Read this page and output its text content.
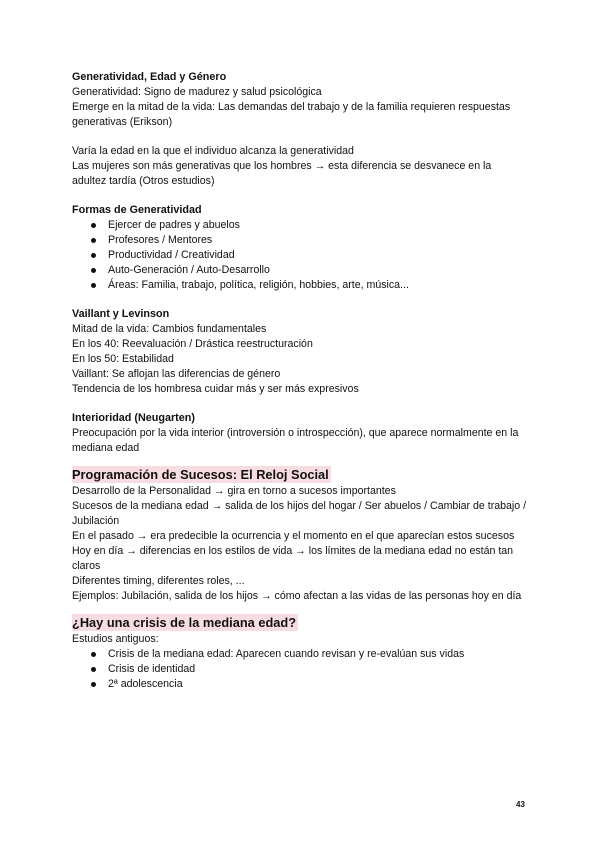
Generatividad, Edad y Género

Generatividad: Signo de madurez y salud psicológica

Emerge en la mitad de la vida: Las demandas del trabajo y de la familia requieren respuestas generativas (Erikson)

Varía la edad en la que el individuo alcanza la generatividad

Las mujeres son más generativas que los hombres → esta diferencia se desvanece en la adultez tardía (Otros estudios)

Formas de Generatividad

Ejercer de padres y abuelos
Profesores / Mentores
Productividad / Creatividad
Auto-Generación / Auto-Desarrollo
Áreas: Familia, trabajo, política, religión, hobbies, arte, música...

Vaillant y Levinson

Mitad de la vida: Cambios fundamentales

En los 40: Reevaluación / Drástica reestructuración

En los 50: Estabilidad

Vaillant: Se aflojan las diferencias de género

Tendencia de los hombresa cuidar más y ser más expresivos

Interioridad (Neugarten)

Preocupación por la vida interior (introversión o introspección), que aparece normalmente en la mediana edad

Programación de Sucesos: El Reloj Social

Desarrollo de la Personalidad → gira en torno a sucesos importantes

Sucesos de la mediana edad → salida de los hijos del hogar / Ser abuelos / Cambiar de trabajo / Jubilación

En el pasado → era predecible la ocurrencia y el momento en el que aparecían estos sucesos

Hoy en día → diferencias en los estilos de vida → los límites de la mediana edad no están tan claros

Diferentes timing, diferentes roles, ...

Ejemplos: Jubilación, salida de los hijos → cómo afectan a las vidas de las personas hoy en día

¿Hay una crisis de la mediana edad?

Estudios antiguos:

Crisis de la mediana edad: Aparecen cuando revisan y re-evalúan sus vidas
Crisis de identidad
2ª adolescencia
43
